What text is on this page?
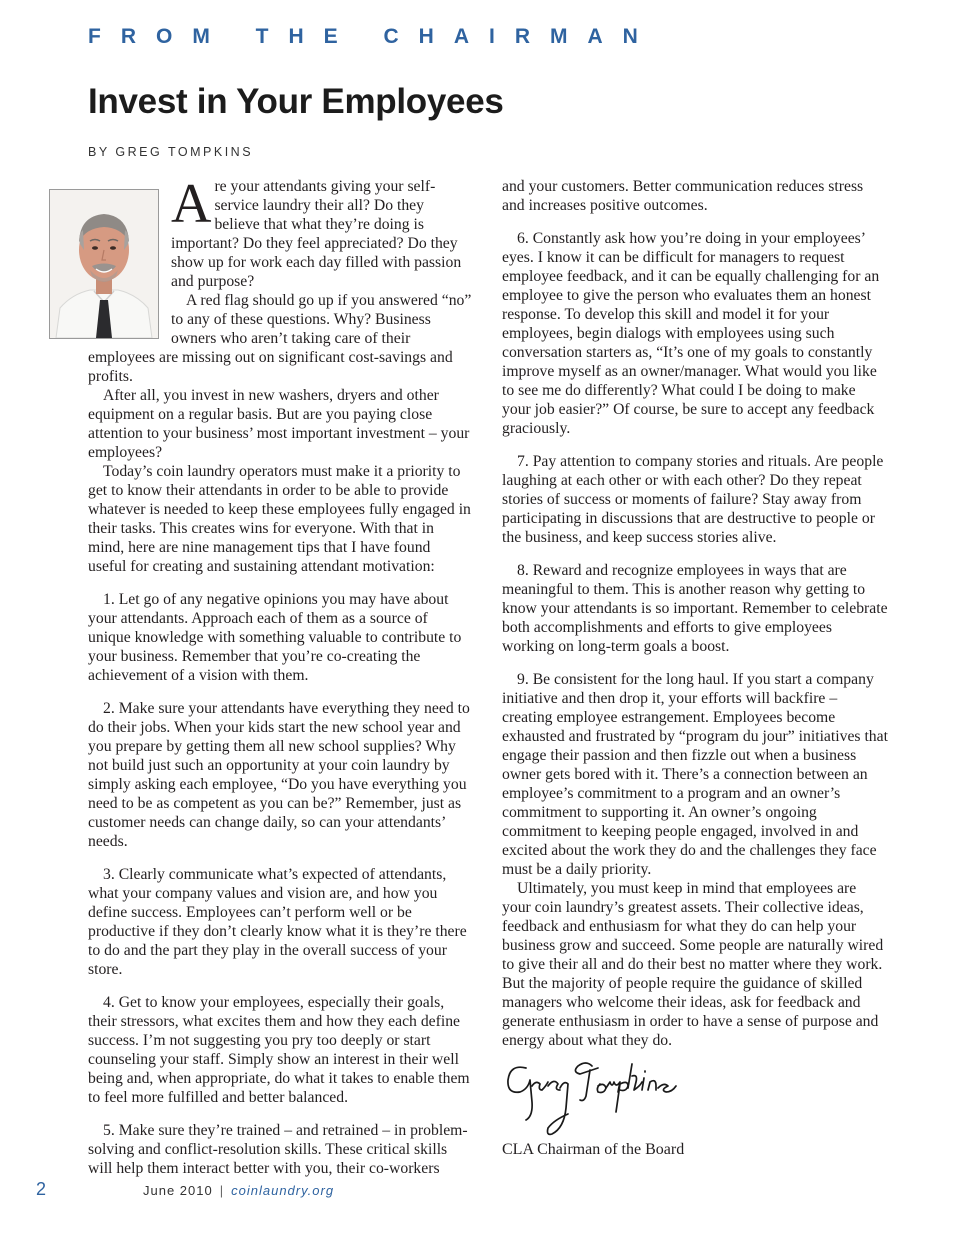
FROM THE CHAIRMAN
Invest in Your Employees

BY GREG TOMPKINS

Are your attendants giving your self-service laundry their all? Do they believe that what they’re doing is important? Do they feel appreciated? Do they show up for work each day filled with passion and purpose?

A red flag should go up if you answered “no” to any of these questions. Why? Business owners who aren’t taking care of their employees are missing out on significant cost-savings and profits.

After all, you invest in new washers, dryers and other equipment on a regular basis. But are you paying close attention to your business’ most important investment – your employees?

Today’s coin laundry operators must make it a priority to get to know their attendants in order to be able to provide whatever is needed to keep these employees fully engaged in their tasks. This creates wins for everyone. With that in mind, here are nine management tips that I have found useful for creating and sustaining attendant motivation:

1. Let go of any negative opinions you may have about your attendants. Approach each of them as a source of unique knowledge with something valuable to contribute to your business. Remember that you’re co-creating the achievement of a vision with them.

2. Make sure your attendants have everything they need to do their jobs. When your kids start the new school year and you prepare by getting them all new school supplies? Why not build just such an opportunity at your coin laundry by simply asking each employee, “Do you have everything you need to be as competent as you can be?” Remember, just as customer needs can change daily, so can your attendants’ needs.

3. Clearly communicate what’s expected of attendants, what your company values and vision are, and how you define success. Employees can’t perform well or be productive if they don’t clearly know what it is they’re there to do and the part they play in the overall success of your store.

4. Get to know your employees, especially their goals, their stressors, what excites them and how they each define success. I’m not suggesting you pry too deeply or start counseling your staff. Simply show an interest in their well being and, when appropriate, do what it takes to enable them to feel more fulfilled and better balanced.

5. Make sure they’re trained – and retrained – in problem-solving and conflict-resolution skills. These critical skills will help them interact better with you, their co-workers

and your customers. Better communication reduces stress and increases positive outcomes.

6. Constantly ask how you’re doing in your employees’ eyes. I know it can be difficult for managers to request employee feedback, and it can be equally challenging for an employee to give the person who evaluates them an honest response. To develop this skill and model it for your employees, begin dialogs with employees using such conversation starters as, “It’s one of my goals to constantly improve myself as an owner/manager. What would you like to see me do differently? What could I be doing to make your job easier?” Of course, be sure to accept any feedback graciously.

7. Pay attention to company stories and rituals. Are people laughing at each other or with each other? Do they repeat stories of success or moments of failure? Stay away from participating in discussions that are destructive to people or the business, and keep success stories alive.

8. Reward and recognize employees in ways that are meaningful to them. This is another reason why getting to know your attendants is so important. Remember to celebrate both accomplishments and efforts to give employees working on long-term goals a boost.

9. Be consistent for the long haul. If you start a company initiative and then drop it, your efforts will backfire – creating employee estrangement. Employees become exhausted and frustrated by “program du jour” initiatives that engage their passion and then fizzle out when a business owner gets bored with it. There’s a connection between an employee’s commitment to a program and an owner’s commitment to supporting it. An owner’s ongoing commitment to keeping people engaged, involved in and excited about the work they do and the challenges they face must be a daily priority.

Ultimately, you must keep in mind that employees are your coin laundry’s greatest assets. Their collective ideas, feedback and enthusiasm for what they do can help your business grow and succeed. Some people are naturally wired to give their all and do their best no matter where they work. But the majority of people require the guidance of skilled managers who welcome their ideas, ask for feedback and generate enthusiasm in order to have a sense of purpose and energy about what they do.

CLA Chairman of the Board

2	June 2010 | coinlaundry.org
